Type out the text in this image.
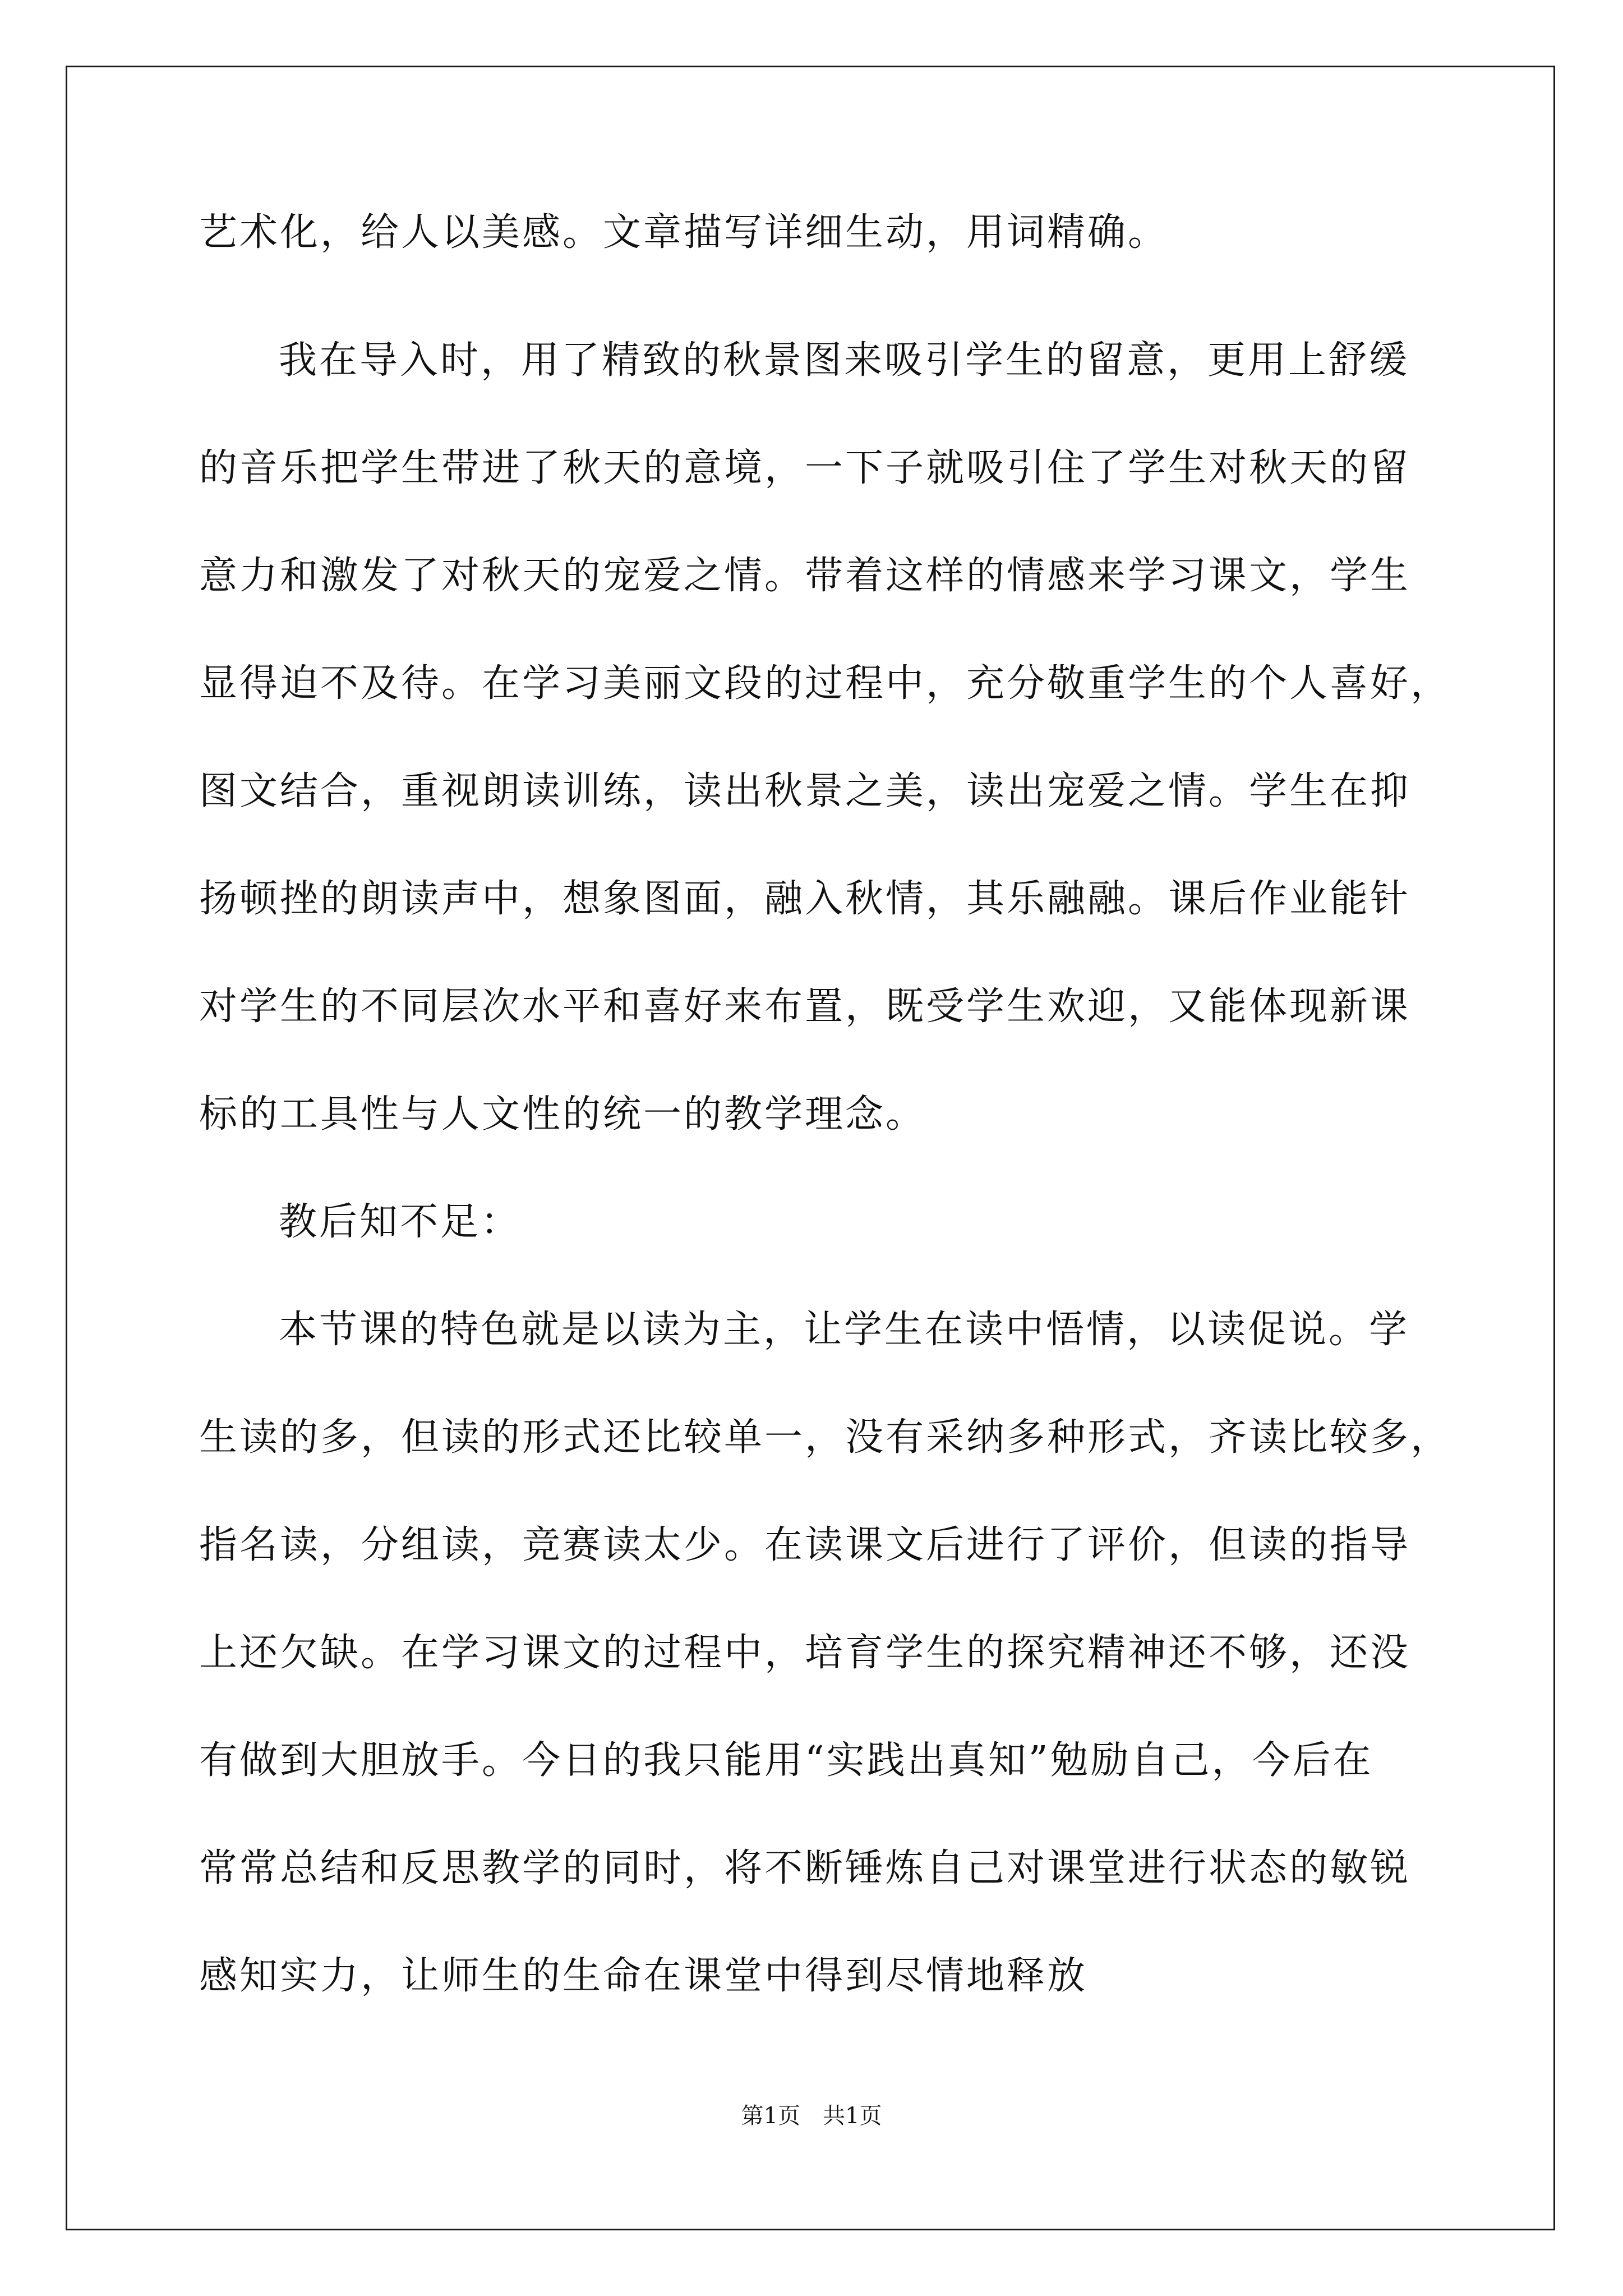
艺术化，给人以美感。文章描写详细生动，用词精确。
我在导入时，用了精致的秋景图来吸引学生的留意，更用上舒缓
的音乐把学生带进了秋天的意境，一下子就吸引住了学生对秋天的留
意力和激发了对秋天的宠爱之情。带着这样的情感来学习课文，学生
显得迫不及待。在学习美丽文段的过程中，充分敬重学生的个人喜好，
图文结合，重视朗读训练，读出秋景之美，读出宠爱之情。学生在抑
扬顿挫的朗读声中，想象图面，融入秋情，其乐融融。课后作业能针
对学生的不同层次水平和喜好来布置，既受学生欢迎，又能体现新课
标的工具性与人文性的统一的教学理念。
教后知不足：
本节课的特色就是以读为主，让学生在读中悟情，以读促说。学
生读的多，但读的形式还比较单一，没有采纳多种形式，齐读比较多，
指名读，分组读，竞赛读太少。在读课文后进行了评价，但读的指导
上还欠缺。在学习课文的过程中，培育学生的探究精神还不够，还没
有做到大胆放手。今日的我只能用“实践出真知”勉励自己，今后在
常常总结和反思教学的同时，将不断锤炼自己对课堂进行状态的敏锐
感知实力，让师生的生命在课堂中得到尽情地释放
第1页 共1页
